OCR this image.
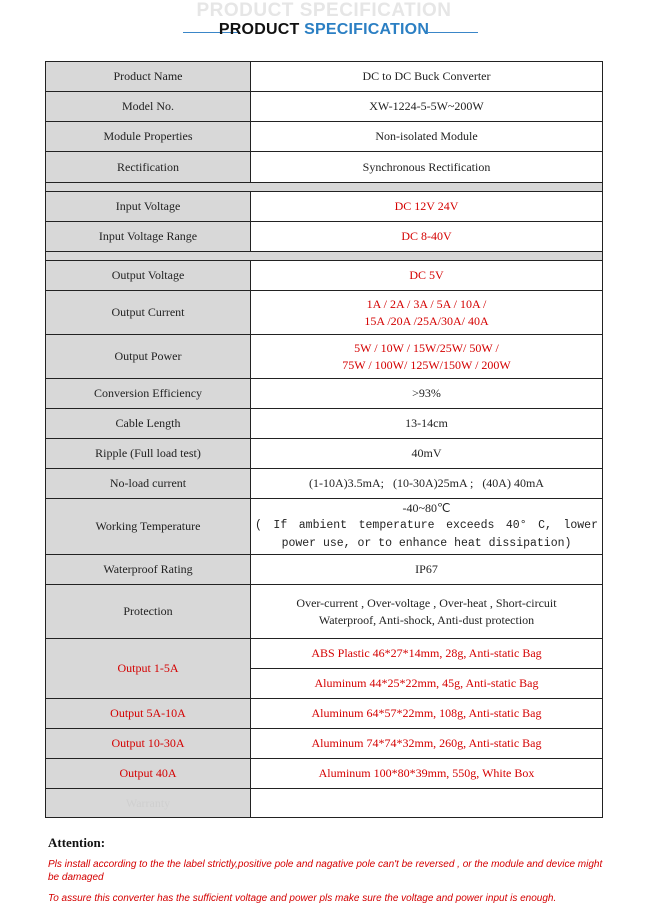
PRODUCT SPECIFICATION
PRODUCT SPECIFICATION
Product Name	DC to DC Buck Converter
Model No.	XW-1224-5-5W~200W
Module Properties	Non-isolated Module
Rectification	Synchronous Rectification

Input Voltage	DC 12V 24V
Input Voltage Range	DC 8-40V

Output Voltage	DC 5V
Output Current	1A / 2A / 3A / 5A / 10A /
15A /20A /25A/30A/ 40A

Output Power	5W / 10W / 15W/25W/ 50W /
75W / 100W/ 125W/150W / 200W

Conversion Efficiency	>93%
Cable Length	13-14cm
Ripple (Full load test)	40mV
No-load current	(1-10A)3.5mA;   (10-30A)25mA ;   (40A) 40mA
Working Temperature	-40~80℃
( If ambient temperature exceeds 40° C, lower power use, or to enhance heat dissipation)

Waterproof Rating	IP67
Protection	Over-current , Over-voltage , Over-heat , Short-circuit
Waterproof, Anti-shock, Anti-dust protection

Output 1-5A	ABS Plastic 46*27*14mm, 28g, Anti-static Bag
	Aluminum 44*25*22mm, 45g, Anti-static Bag
Output 5A-10A	Aluminum 64*57*22mm, 108g, Anti-static Bag
Output 10-30A	Aluminum 74*74*32mm, 260g, Anti-static Bag
Output 40A	Aluminum 100*80*39mm, 550g, White Box
Warranty	
Attention:
Pls install according to the the label strictly,positive pole and nagative pole can't be reversed , or the module and device might be damaged
To assure this converter has the sufficient voltage and power pls make sure the voltage and power input is enough.
